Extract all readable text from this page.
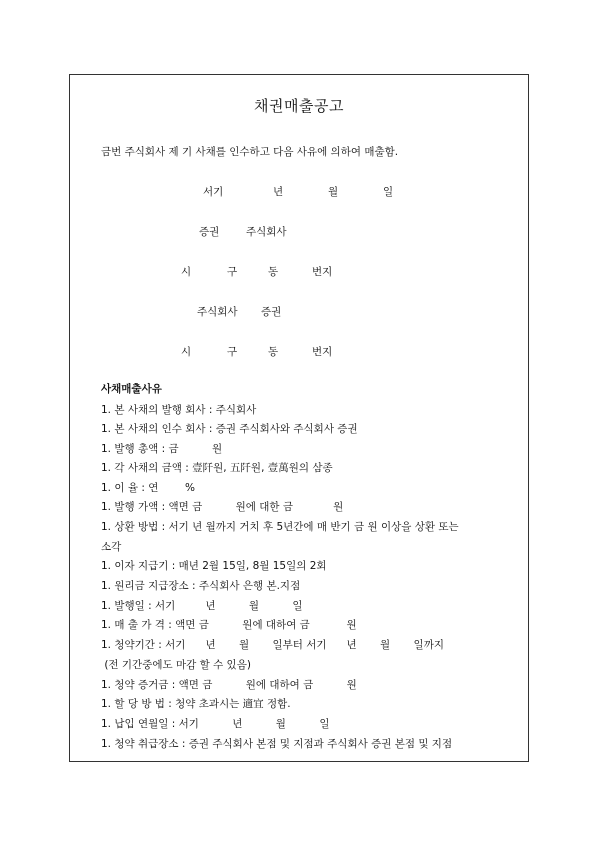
채권매출공고
금번 주식회사 제 기 사채를 인수하고 다음 사유에 의하여 매출함.
서기	년	월	일
증권	주식회사
시	구	동	번지
주식회사 증권
시	구	동	번지
사채매출사유
1. 본 사채의 발행 회사 : 주식회사
1. 본 사채의 인수 회사 : 증권 주식회사와 주식회사 증권
1. 발행 총액 : 금          원
1. 각 사채의 금액 : 壹阡원, 五阡원, 壹萬원의 삼종
1. 이 율 : 연        %
1. 발행 가액 : 액면 금          원에 대한 금            원
1. 상환 방법 : 서기 년 월까지 거치 후 5년간에 매 반기 금 원 이상을 상환 또는
소각
1. 이자 지급기 : 매년 2월 15일, 8월 15일의 2회
1. 원리금 지급장소 : 주식회사 은행 본.지점
1. 발행일 : 서기         년          월          일
1. 매 출 가 격 : 액면 금          원에 대하여 금           원
1. 청약기간 : 서기      년       월       일부터 서기      년       월       일까지
(전 기간중에도 마감 할 수 있음)
1. 청약 증거금 : 액면 금          원에 대하여 금          원
1. 할 당 방 법 : 청약 초과시는 適宜 정함.
1. 납입 연월일 : 서기          년          월          일
1. 청약 취급장소 : 증권 주식회사 본점 및 지점과 주식회사 증권 본점 및 지점
